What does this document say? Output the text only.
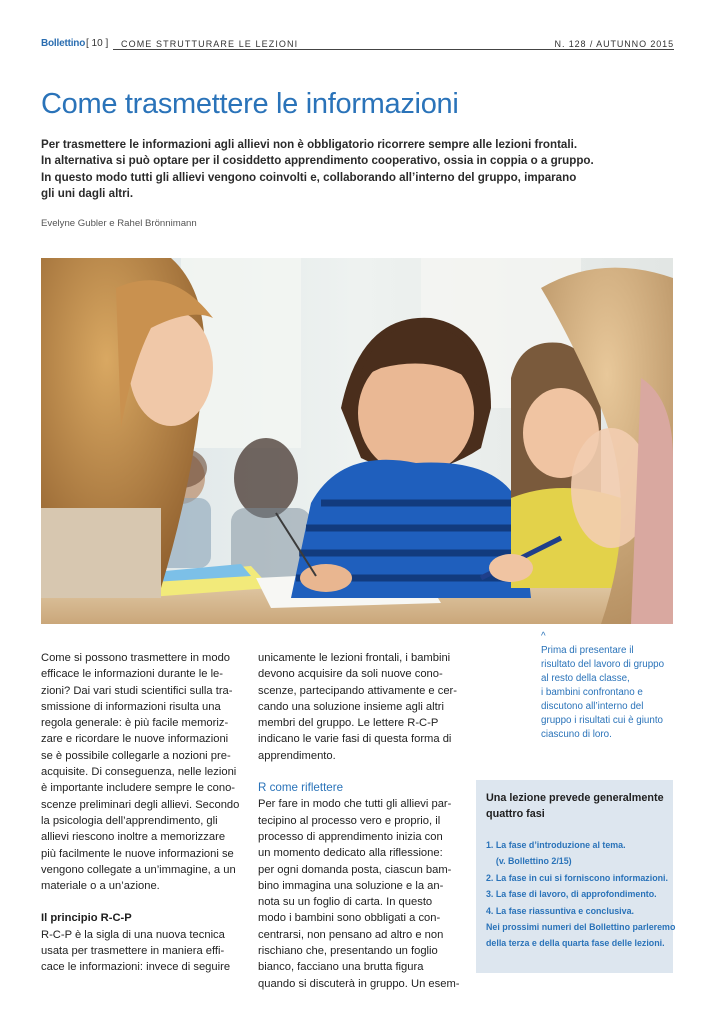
Bollettino [ 10 ] COME STRUTTURARE LE LEZIONI	N. 128 / AUTUNNO 2015
Come trasmettere le informazioni

Per trasmettere le informazioni agli allievi non è obbligatorio ricorrere sempre alle lezioni frontali.
In alternativa si può optare per il cosiddetto apprendimento cooperativo, ossia in coppia o a gruppo.
In questo modo tutti gli allievi vengono coinvolti e, collaborando all’interno del gruppo, imparano
gli uni dagli altri.

Evelyne Gubler e Rahel Brönnimann
^
Prima di presentare il
risultato del lavoro di gruppo
al resto della classe,
i bambini confrontano e
discutono all’interno del
gruppo i risultati cui è giunto
ciascuno di loro.
Come si possono trasmettere in modo
efficace le informazioni durante le le-
zioni? Dai vari studi scientifici sulla tra-
smissione di informazioni risulta una
regola generale: è più facile memoriz-
zare e ricordare le nuove informazioni
se è possibile collegarle a nozioni pre-
acquisite. Di conseguenza, nelle lezioni
è importante includere sempre le cono-
scenze preliminari degli allievi. Secondo
la psicologia dell’apprendimento, gli
allievi riescono inoltre a memorizzare
più facilmente le nuove informazioni se
vengono collegate a un’immagine, a un
materiale o a un’azione.
Il principio R-C-P
R-C-P è la sigla di una nuova tecnica
usata per trasmettere in maniera effi-
cace le informazioni: invece di seguire
unicamente le lezioni frontali, i bambini
devono acquisire da soli nuove cono-
scenze, partecipando attivamente e cer-
cando una soluzione insieme agli altri
membri del gruppo. Le lettere R-C-P
indicano le varie fasi di questa forma di
apprendimento.
R come riflettere
Per fare in modo che tutti gli allievi par-
tecipino al processo vero e proprio, il
processo di apprendimento inizia con
un momento dedicato alla riflessione:
per ogni domanda posta, ciascun bam-
bino immagina una soluzione e la an-
nota su un foglio di carta. In questo
modo i bambini sono obbligati a con-
centrarsi, non pensano ad altro e non
rischiano che, presentando un foglio
bianco, facciano una brutta figura
quando si discuterà in gruppo. Un esem-
Una lezione prevede generalmente
quattro fasi
1. La fase d’introduzione al tema.
(v. Bollettino 2/15)
2. La fase in cui si forniscono informazioni.
3. La fase di lavoro, di approfondimento.
4. La fase riassuntiva e conclusiva.
Nei prossimi numeri del Bollettino parleremo
della terza e della quarta fase delle lezioni.
